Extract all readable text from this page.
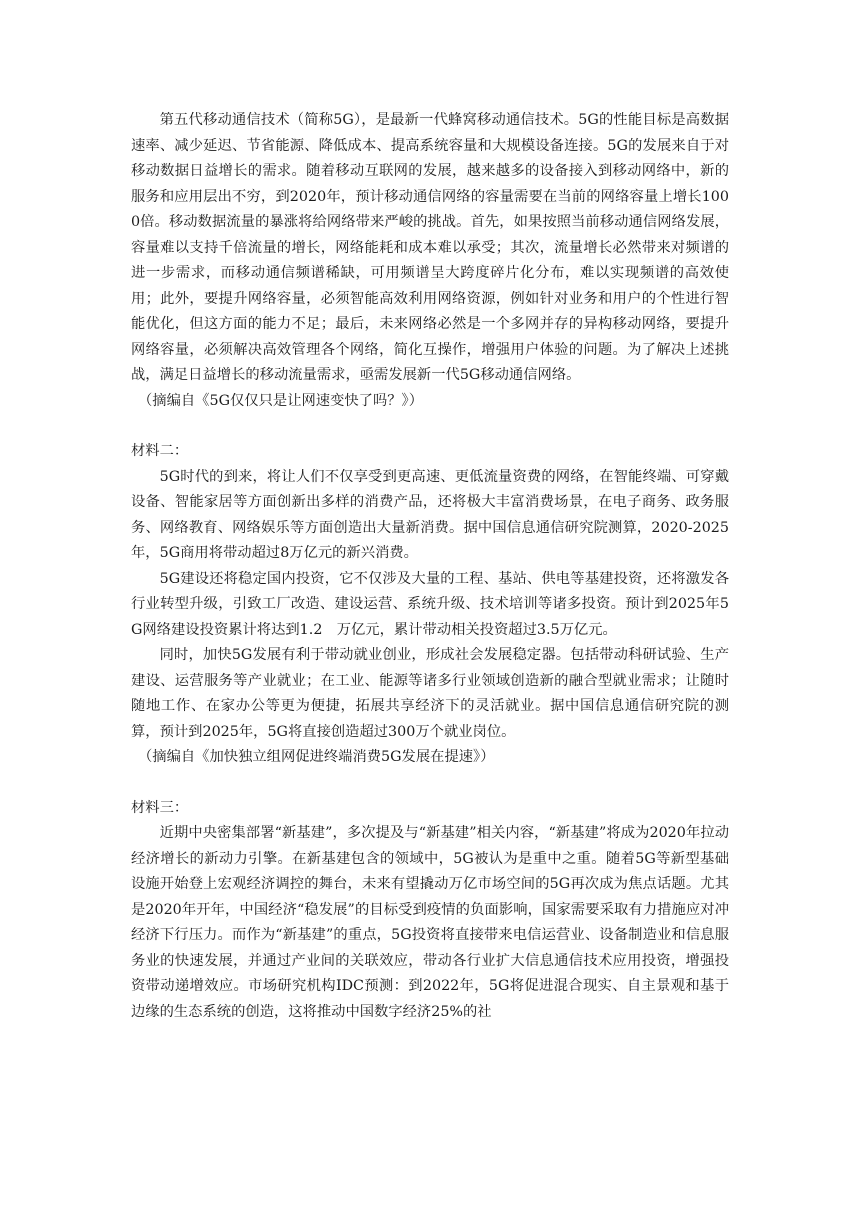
第五代移动通信技术（简称5G），是最新一代蜂窝移动通信技术。5G的性能目标是高数据速率、减少延迟、节省能源、降低成本、提高系统容量和大规模设备连接。5G的发展来自于对移动数据日益增长的需求。随着移动互联网的发展，越来越多的设备接入到移动网络中，新的服务和应用层出不穷，到2020年，预计移动通信网络的容量需要在当前的网络容量上增长1000倍。移动数据流量的暴涨将给网络带来严峻的挑战。首先，如果按照当前移动通信网络发展，容量难以支持千倍流量的增长，网络能耗和成本难以承受；其次，流量增长必然带来对频谱的进一步需求，而移动通信频谱稀缺，可用频谱呈大跨度碎片化分布，难以实现频谱的高效使用；此外，要提升网络容量，必须智能高效利用网络资源，例如针对业务和用户的个性进行智能优化，但这方面的能力不足；最后，未来网络必然是一个多网并存的异构移动网络，要提升网络容量，必须解决高效管理各个网络，简化互操作，增强用户体验的问题。为了解决上述挑战，满足日益增长的移动流量需求，亟需发展新一代5G移动通信网络。

（摘编自《5G仅仅只是让网速变快了吗？》）

材料二：

5G时代的到来，将让人们不仅享受到更高速、更低流量资费的网络，在智能终端、可穿戴设备、智能家居等方面创新出多样的消费产品，还将极大丰富消费场景，在电子商务、政务服务、网络教育、网络娱乐等方面创造出大量新消费。据中国信息通信研究院测算，2020-2025年，5G商用将带动超过8万亿元的新兴消费。

5G建设还将稳定国内投资，它不仅涉及大量的工程、基站、供电等基建投资，还将激发各行业转型升级，引致工厂改造、建设运营、系统升级、技术培训等诸多投资。预计到2025年5G网络建设投资累计将达到1.2　万亿元，累计带动相关投资超过3.5万亿元。

同时，加快5G发展有利于带动就业创业，形成社会发展稳定器。包括带动科研试验、生产建设、运营服务等产业就业；在工业、能源等诸多行业领域创造新的融合型就业需求；让随时随地工作、在家办公等更为便捷，拓展共享经济下的灵活就业。据中国信息通信研究院的测算，预计到2025年，5G将直接创造超过300万个就业岗位。

（摘编自《加快独立组网促进终端消费5G发展在提速》）

材料三：

近期中央密集部署“新基建”，多次提及与“新基建”相关内容，“新基建”将成为2020年拉动经济增长的新动力引擎。在新基建包含的领域中，5G被认为是重中之重。随着5G等新型基础设施开始登上宏观经济调控的舞台，未来有望撬动万亿市场空间的5G再次成为焦点话题。尤其是2020年开年，中国经济“稳发展”的目标受到疫情的负面影响，国家需要采取有力措施应对冲经济下行压力。而作为“新基建”的重点，5G投资将直接带来电信运营业、设备制造业和信息服务业的快速发展，并通过产业间的关联效应，带动各行业扩大信息通信技术应用投资，增强投资带动递增效应。市场研究机构IDC预测：到2022年，5G将促进混合现实、自主景观和基于边缘的生态系统的创造，这将推动中国数字经济25%的社
